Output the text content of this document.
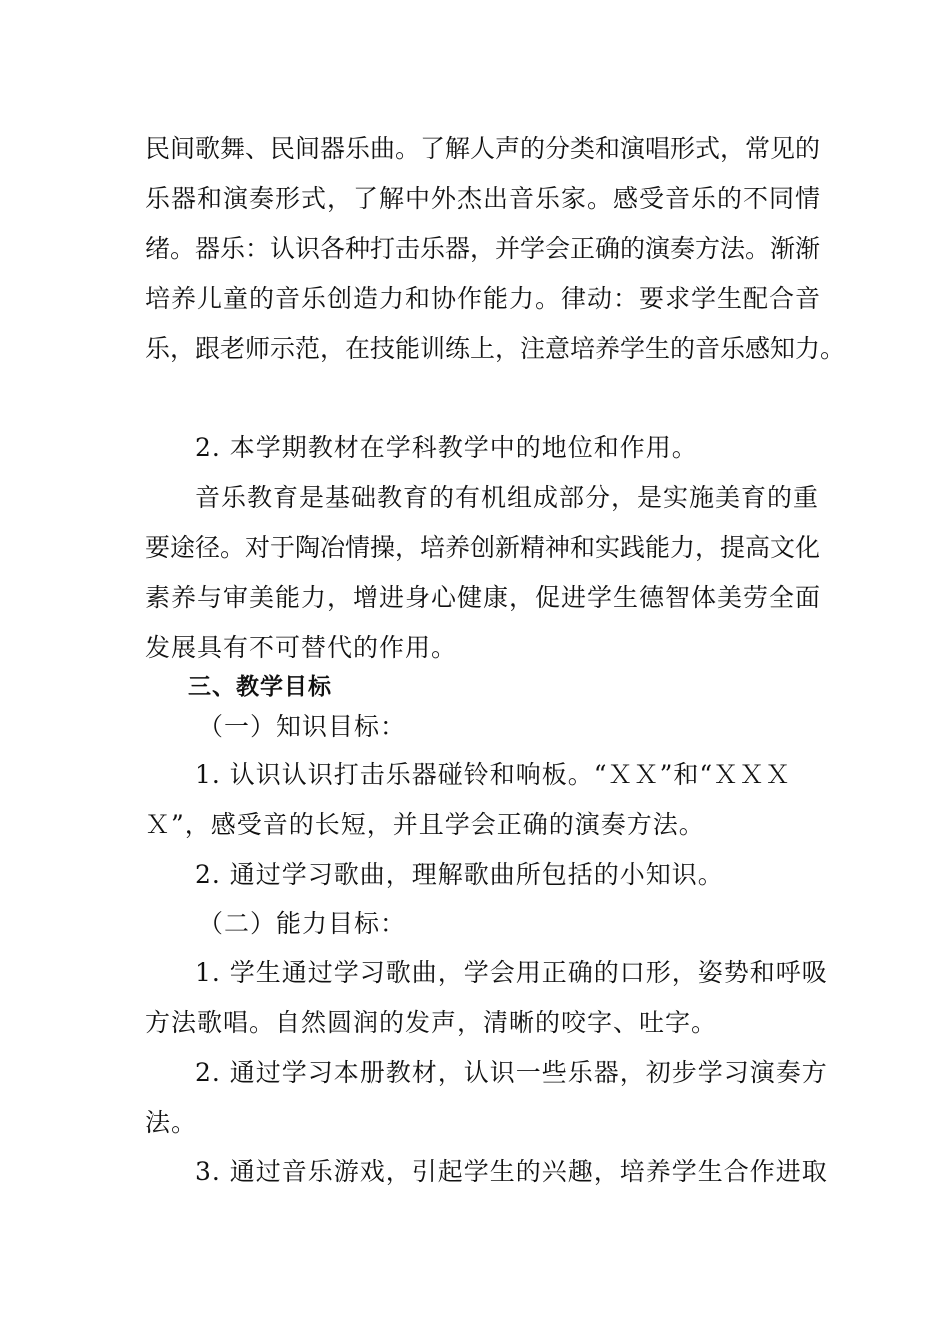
民间歌舞、民间器乐曲。了解人声的分类和演唱形式，常见的
乐器和演奏形式，了解中外杰出音乐家。感受音乐的不同情
绪。器乐：认识各种打击乐器，并学会正确的演奏方法。渐渐
培养儿童的音乐创造力和协作能力。律动：要求学生配合音
乐，跟老师示范，在技能训练上，注意培养学生的音乐感知力。
2. 本学期教材在学科教学中的地位和作用。
音乐教育是基础教育的有机组成部分，是实施美育的重
要途径。对于陶冶情操，培养创新精神和实践能力，提高文化
素养与审美能力，增进身心健康，促进学生德智体美劳全面
发展具有不可替代的作用。
三、教学目标
（一）知识目标：
1. 认识认识打击乐器碰铃和响板。“ＸＸ”和“ＸＸＸ
Ｘ”，感受音的长短，并且学会正确的演奏方法。
2. 通过学习歌曲，理解歌曲所包括的小知识。
（二）能力目标：
1. 学生通过学习歌曲，学会用正确的口形，姿势和呼吸
方法歌唱。自然圆润的发声，清晰的咬字、吐字。
2. 通过学习本册教材，认识一些乐器，初步学习演奏方
法。
3. 通过音乐游戏，引起学生的兴趣，培养学生合作进取
